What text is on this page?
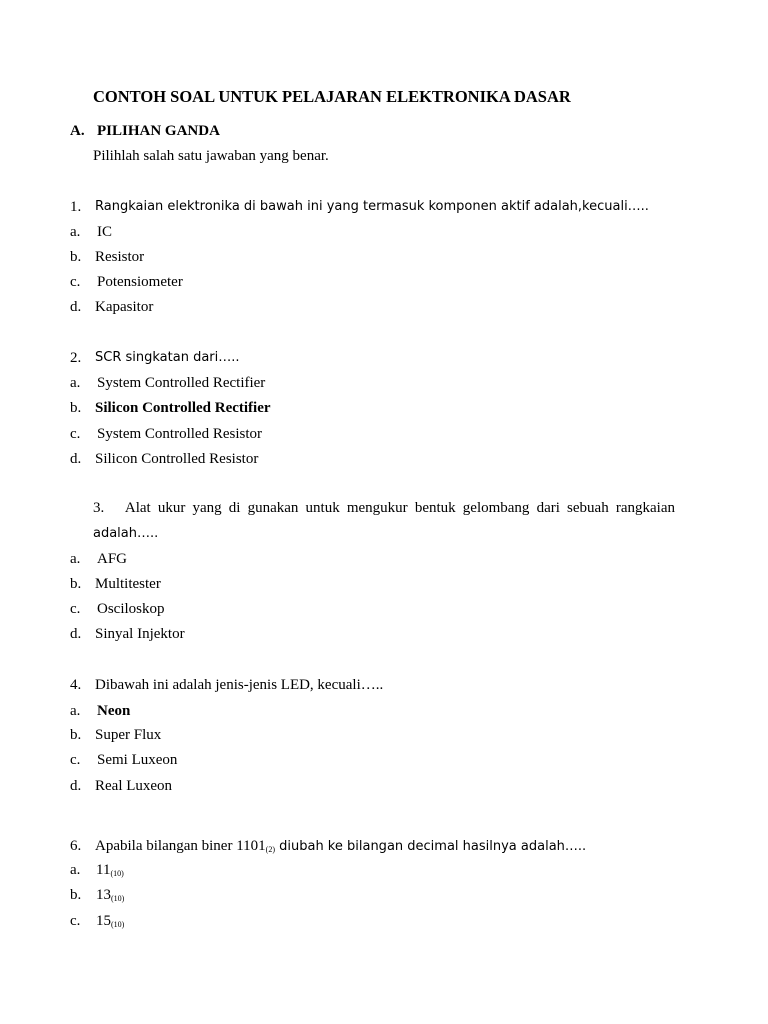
CONTOH SOAL UNTUK PELAJARAN ELEKTRONIKA DASAR
A. PILIHAN GANDA
Pilihlah salah satu jawaban yang benar.
1. Rangkaian elektronika di bawah ini yang termasuk komponen aktif adalah,kecuali…..
a. IC
b. Resistor
c. Potensiometer
d. Kapasitor
2. SCR singkatan dari…..
a. System Controlled Rectifier
b. Silicon Controlled Rectifier
c. System Controlled Resistor
d. Silicon Controlled Resistor
3. Alat ukur yang di gunakan untuk mengukur bentuk gelombang dari sebuah rangkaian
adalah…..
a. AFG
b. Multitester
c. Osciloskop
d. Sinyal Injektor
4. Dibawah ini adalah jenis-jenis LED, kecuali…..
a. Neon
b. Super Flux
c. Semi Luxeon
d. Real Luxeon
6. Apabila bilangan biner $1101_{(2)}$ diubah ke bilangan decimal hasilnya adalah…..
a. $11_{(10)}$
b. $13_{(10)}$
c. $15_{(10)}$
